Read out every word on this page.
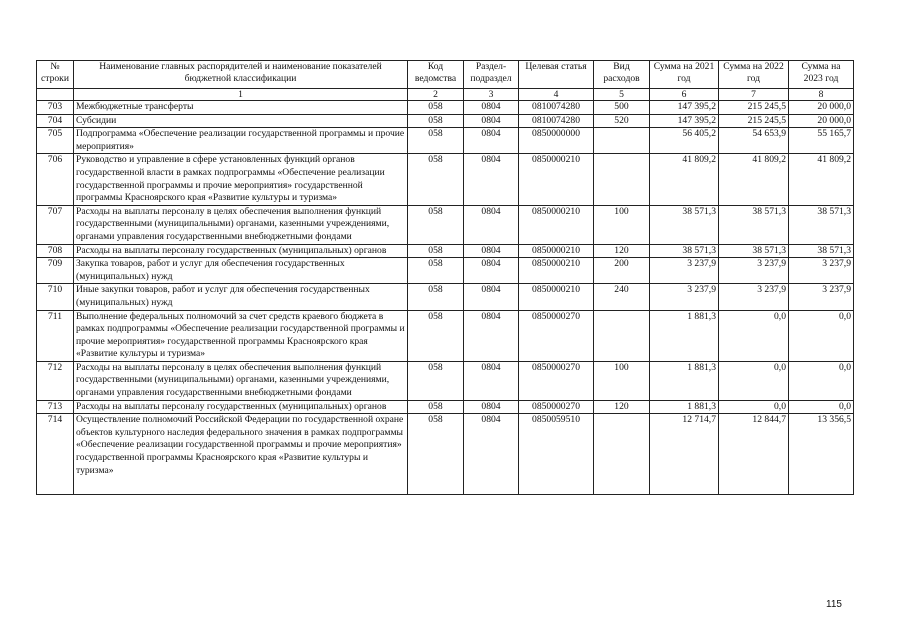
№ строки	Наименование главных распорядителей и наименование показателей бюджетной классификации	Код ведомства	Раздел-подраздел	Целевая статья	Вид расходов	Сумма на 2021 год	Сумма на 2022 год	Сумма на 2023 год
	1	2	3	4	5	6	7	8
703	Межбюджетные трансферты	058	0804	0810074280	500	147 395,2	215 245,5	20 000,0
704	Субсидии	058	0804	0810074280	520	147 395,2	215 245,5	20 000,0
705	Подпрограмма «Обеспечение реализации государственной программы и прочие мероприятия»	058	0804	0850000000		56 405,2	54 653,9	55 165,7
706	Руководство и управление в сфере установленных функций органов государственной власти в рамках подпрограммы «Обеспечение реализации государственной программы и прочие мероприятия» государственной программы Красноярского края «Развитие культуры и туризма»	058	0804	0850000210		41 809,2	41 809,2	41 809,2
707	Расходы на выплаты персоналу в целях обеспечения выполнения функций государственными (муниципальными) органами, казенными учреждениями, органами управления государственными внебюджетными фондами	058	0804	0850000210	100	38 571,3	38 571,3	38 571,3
708	Расходы на выплаты персоналу государственных (муниципальных) органов	058	0804	0850000210	120	38 571,3	38 571,3	38 571,3
709	Закупка товаров, работ и услуг для обеспечения государственных (муниципальных) нужд	058	0804	0850000210	200	3 237,9	3 237,9	3 237,9
710	Иные закупки товаров, работ и услуг для обеспечения государственных (муниципальных) нужд	058	0804	0850000210	240	3 237,9	3 237,9	3 237,9
711	Выполнение федеральных полномочий за счет средств краевого бюджета в рамках подпрограммы «Обеспечение реализации государственной программы и прочие мероприятия» государственной программы Красноярского края «Развитие культуры и туризма»	058	0804	0850000270		1 881,3	0,0	0,0
712	Расходы на выплаты персоналу в целях обеспечения выполнения функций государственными (муниципальными) органами, казенными учреждениями, органами управления государственными внебюджетными фондами	058	0804	0850000270	100	1 881,3	0,0	0,0
713	Расходы на выплаты персоналу государственных (муниципальных) органов	058	0804	0850000270	120	1 881,3	0,0	0,0
714	Осуществление полномочий Российской Федерации по государственной охране объектов культурного наследия федерального значения в рамках подпрограммы «Обеспечение реализации государственной программы и прочие мероприятия» государственной программы Красноярского края «Развитие культуры и туризма»	058	0804	0850059510		12 714,7	12 844,7	13 356,5
115
